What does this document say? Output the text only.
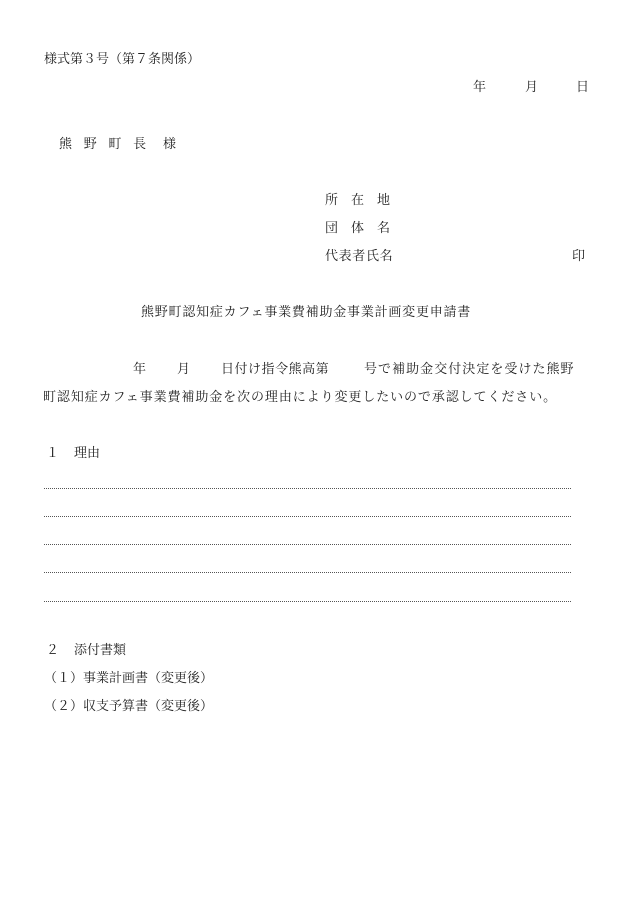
様式第３号（第７条関係）
年	月	日
熊野町長 様
所在地
団体名
代表者氏名	印
熊野町認知症カフェ事業費補助金事業計画変更申請書
年 月 日付け指令熊高第	号で補助金交付決定を受けた熊野
町認知症カフェ事業費補助金を次の理由により変更したいので承認してください。
１ 理由
２ 添付書類
（１）事業計画書（変更後）
（２）収支予算書（変更後）
